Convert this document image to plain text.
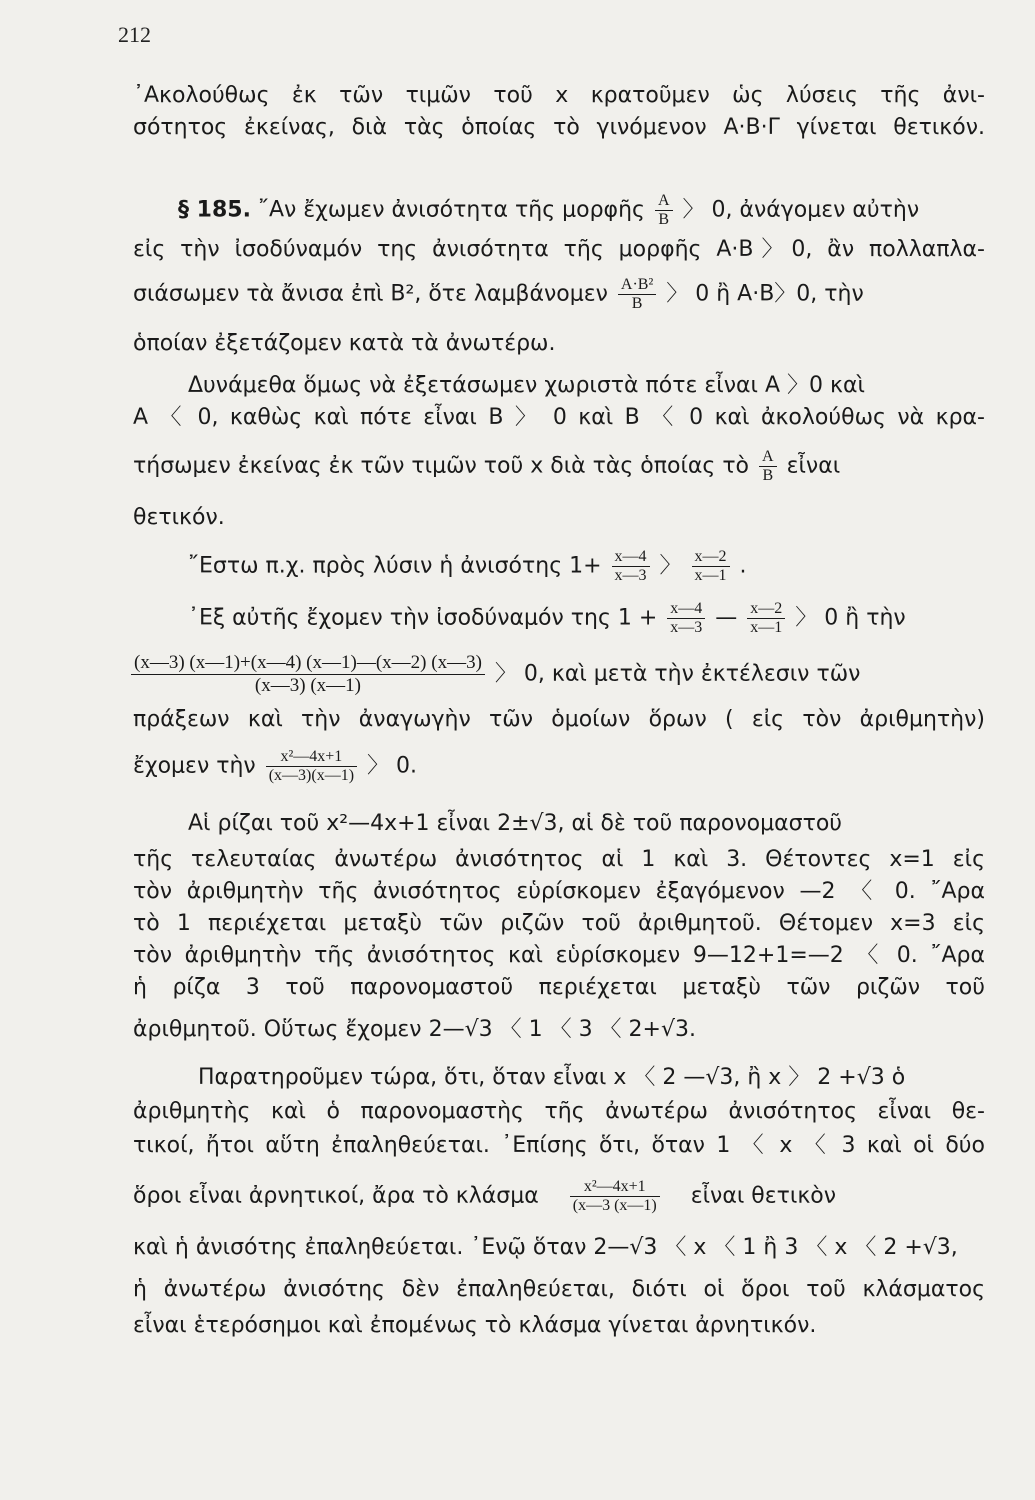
212
᾿Ακολούθως ἐκ τῶν τιμῶν τοῦ x κρατοῦμεν ὡς λύσεις τῆς ἀνι-
σότητος ἐκείνας, διὰ τὰς ὁποίας τὸ γινόμενον Α·Β·Γ γίνεται θετικόν.
§ 185. ῎Αν ἔχωμεν ἀνισότητα τῆς μορφῆς $\frac{A}{B}$ 〉 0, ἀνάγομεν αὐτὴν
εἰς τὴν ἰσοδύναμόν της ἀνισότητα τῆς μορφῆς Α·Β〉0, ἂν πολλαπλα-
σιάσωμεν τὰ ἄνισα ἐπὶ Β², ὅτε λαμβάνομεν $\frac{\text{Α·Β²}}{B}$ 〉 0 ἢ Α·Β〉0, τὴν
ὁποίαν ἐξετάζομεν κατὰ τὰ ἀνωτέρω.
Δυνάμεθα ὅμως νὰ ἐξετάσωμεν χωριστὰ πότε εἶναι Α 〉0 καὶ
Α 〈 0, καθὼς καὶ πότε εἶναι Β 〉 0 καὶ Β 〈 0 καὶ ἀκολούθως νὰ κρα-
τήσωμεν ἐκείνας ἐκ τῶν τιμῶν τοῦ x διὰ τὰς ὁποίας τὸ $\frac{A}{B}$ εἶναι
θετικόν.
῎Εστω π.χ. πρὸς λύσιν ἡ ἀνισότης $1+ \frac{x—4}{x—3}$ 〉 $\frac{x—2}{x—1}$ .
᾿Εξ αὐτῆς ἔχομεν τὴν ἰσοδύναμόν της $1 + \frac{x—4}{x—3}$ — $\frac{x—2}{x—1}$ 〉 0 ἢ τὴν
$\frac{(x—3) (x—1)+(x—4) (x—1)—(x—2) (x—3)}{(x—3) (x—1)}$ 〉 0, καὶ μετὰ τὴν ἐκτέλεσιν τῶν
πράξεων καὶ τὴν ἀναγωγὴν τῶν ὁμοίων ὅρων ( εἰς τὸν ἀριθμητὴν)
ἔχομεν τὴν $\frac{\text{x²—4x+1}}{(x—3)(x—1)}$ 〉 0.
Αἱ ρίζαι τοῦ x²—4x+1 εἶναι 2±√3, αἱ δὲ τοῦ παρονομαστοῦ
τῆς τελευταίας ἀνωτέρω ἀνισότητος αἱ 1 καὶ 3. Θέτοντες x=1 εἰς
τὸν ἀριθμητὴν τῆς ἀνισότητος εὑρίσκομεν ἐξαγόμενον —2 〈 0. ῎Αρα
τὸ 1 περιέχεται μεταξὺ τῶν ριζῶν τοῦ ἀριθμητοῦ. Θέτομεν x=3 εἰς
τὸν ἀριθμητὴν τῆς ἀνισότητος καὶ εὑρίσκομεν 9—12+1=—2 〈 0. ῎Αρα
ἡ ρίζα 3 τοῦ παρονομαστοῦ περιέχεται μεταξὺ τῶν ριζῶν τοῦ
ἀριθμητοῦ. Οὕτως ἔχομεν 2—√3 〈 1 〈 3 〈 2+√3.
Παρατηροῦμεν τώρα, ὅτι, ὅταν εἶναι x 〈 2 —√3, ἢ x 〉 2 +√3 ὁ
ἀριθμητὴς καὶ ὁ παρονομαστὴς τῆς ἀνωτέρω ἀνισότητος εἶναι θε-
τικοί, ἤτοι αὕτη ἐπαληθεύεται. ᾿Επίσης ὅτι, ὅταν 1 〈 x 〈 3 καὶ οἱ δύο
ὅροι εἶναι ἀρνητικοί, ἄρα τὸ κλάσμα $\frac{\text{x²—4x+1}}{(x—3 (x—1)}$ εἶναι θετικὸν
καὶ ἡ ἀνισότης ἐπαληθεύεται. ᾿Ενῷ ὅταν 2—√3 〈 x 〈 1 ἢ 3 〈 x 〈 2 +√3,
ἡ ἀνωτέρω ἀνισότης δὲν ἐπαληθεύεται, διότι οἱ ὅροι τοῦ κλάσματος
εἶναι ἑτερόσημοι καὶ ἐπομένως τὸ κλάσμα γίνεται ἀρνητικόν.
